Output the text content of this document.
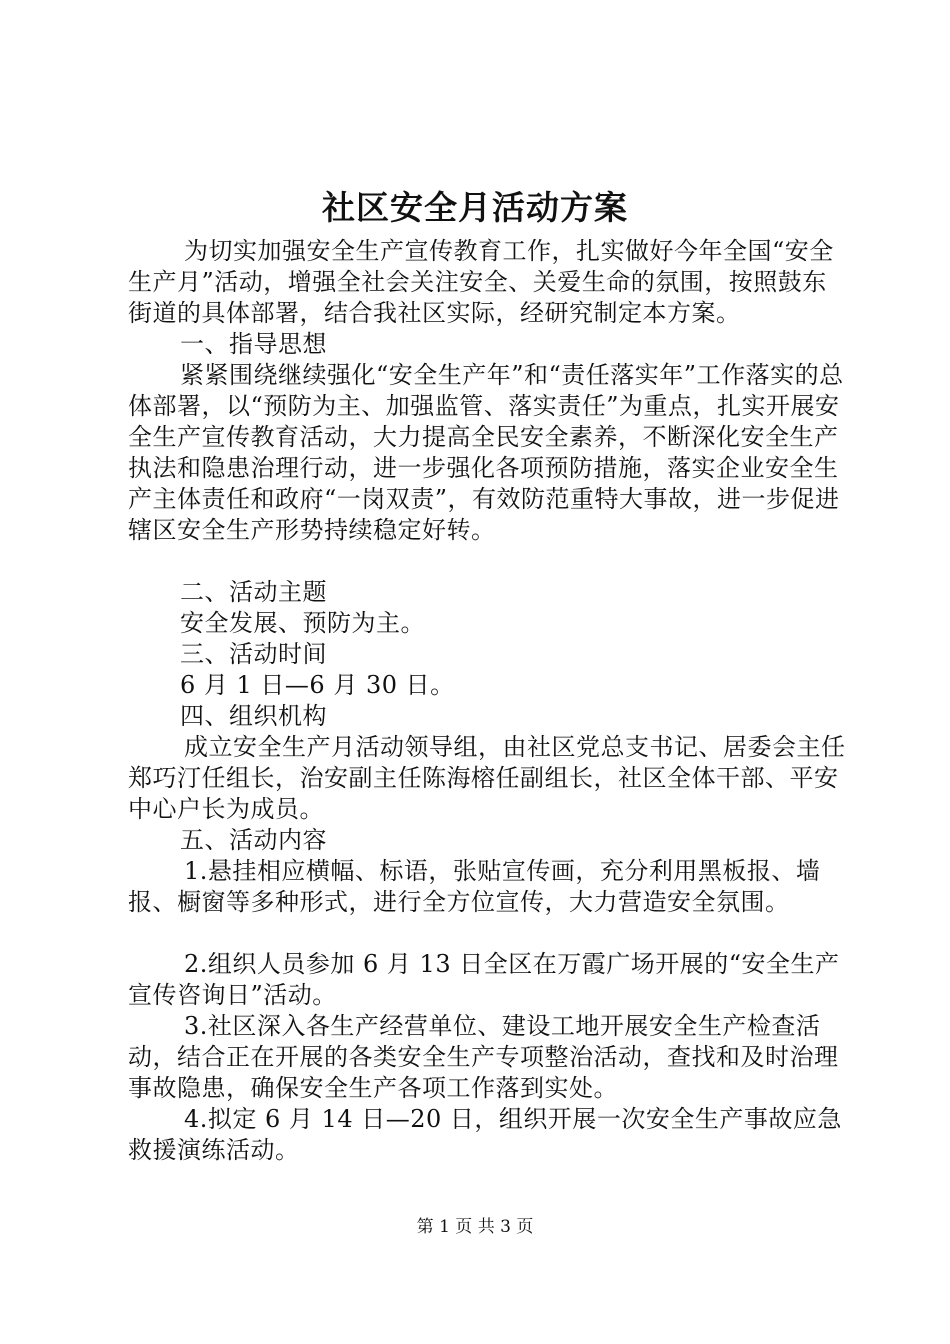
社区安全月活动方案

为切实加强安全生产宣传教育工作，扎实做好今年全国“安全生产月”活动，增强全社会关注安全、关爱生命的氛围，按照鼓东街道的具体部署，结合我社区实际，经研究制定本方案。

一、指导思想

紧紧围绕继续强化“安全生产年”和“责任落实年”工作落实的总体部署，以“预防为主、加强监管、落实责任”为重点，扎实开展安全生产宣传教育活动，大力提高全民安全素养，不断深化安全生产执法和隐患治理行动，进一步强化各项预防措施，落实企业安全生产主体责任和政府“一岗双责”，有效防范重特大事故，进一步促进辖区安全生产形势持续稳定好转。

二、活动主题

安全发展、预防为主。

三、活动时间

6 月 1 日—6 月 30 日。

四、组织机构

成立安全生产月活动领导组，由社区党总支书记、居委会主任郑巧汀任组长，治安副主任陈海榕任副组长，社区全体干部、平安中心户长为成员。

五、活动内容

1.悬挂相应横幅、标语，张贴宣传画，充分利用黑板报、墙报、橱窗等多种形式，进行全方位宣传，大力营造安全氛围。

2.组织人员参加 6 月 13 日全区在万霞广场开展的“安全生产宣传咨询日”活动。

3.社区深入各生产经营单位、建设工地开展安全生产检查活动，结合正在开展的各类安全生产专项整治活动，查找和及时治理事故隐患，确保安全生产各项工作落到实处。

4.拟定 6 月 14 日—20 日，组织开展一次安全生产事故应急救援演练活动。

第 1 页 共 3 页
